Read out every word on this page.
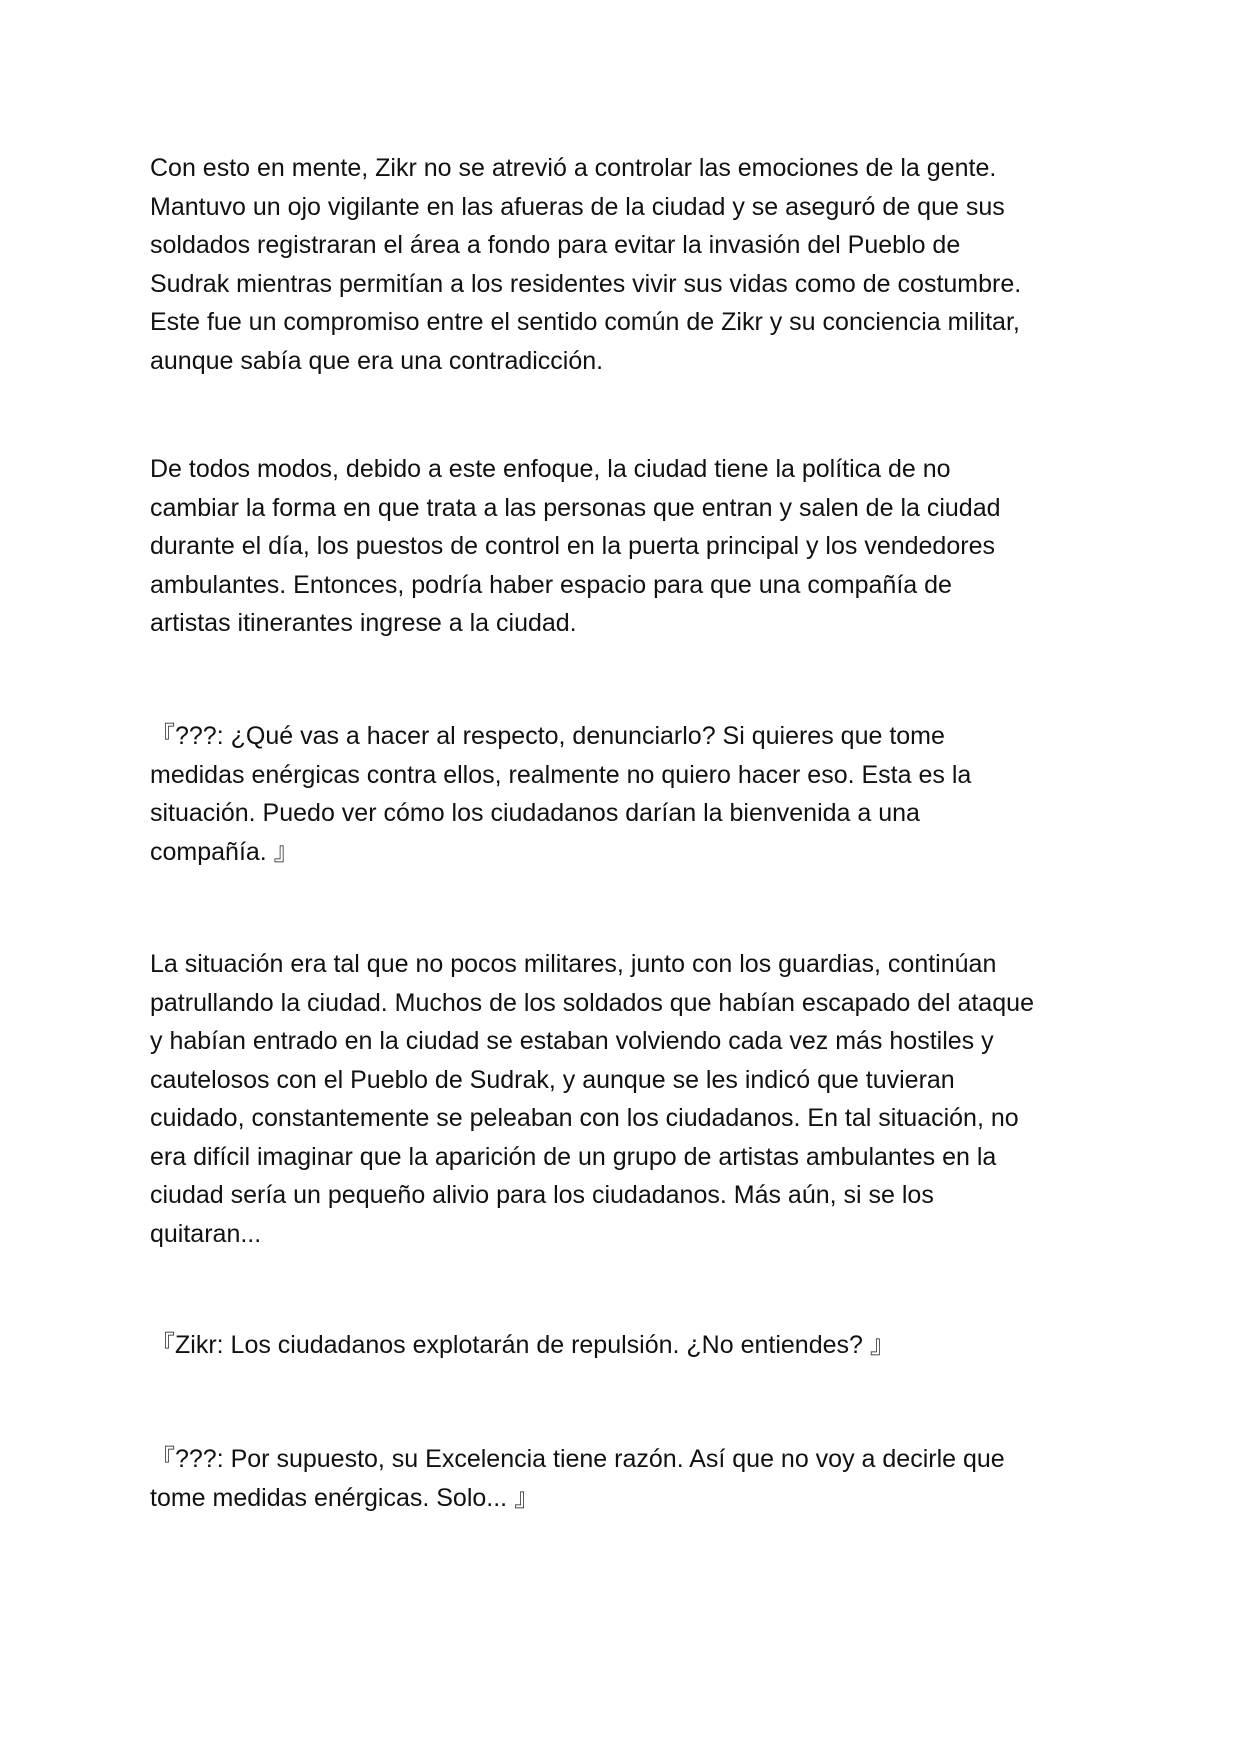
Con esto en mente, Zikr no se atrevió a controlar las emociones de la gente.
Mantuvo un ojo vigilante en las afueras de la ciudad y se aseguró de que sus
soldados registraran el área a fondo para evitar la invasión del Pueblo de
Sudrak mientras permitían a los residentes vivir sus vidas como de costumbre.
Este fue un compromiso entre el sentido común de Zikr y su conciencia militar,
aunque sabía que era una contradicción.

De todos modos, debido a este enfoque, la ciudad tiene la política de no
cambiar la forma en que trata a las personas que entran y salen de la ciudad
durante el día, los puestos de control en la puerta principal y los vendedores
ambulantes. Entonces, podría haber espacio para que una compañía de
artistas itinerantes ingrese a la ciudad.

『???: ¿Qué vas a hacer al respecto, denunciarlo? Si quieres que tome
medidas enérgicas contra ellos, realmente no quiero hacer eso. Esta es la
situación. Puedo ver cómo los ciudadanos darían la bienvenida a una
compañía. 』

La situación era tal que no pocos militares, junto con los guardias, continúan
patrullando la ciudad. Muchos de los soldados que habían escapado del ataque
y habían entrado en la ciudad se estaban volviendo cada vez más hostiles y
cautelosos con el Pueblo de Sudrak, y aunque se les indicó que tuvieran
cuidado, constantemente se peleaban con los ciudadanos. En tal situación, no
era difícil imaginar que la aparición de un grupo de artistas ambulantes en la
ciudad sería un pequeño alivio para los ciudadanos. Más aún, si se los
quitaran...

『Zikr: Los ciudadanos explotarán de repulsión. ¿No entiendes? 』

『???: Por supuesto, su Excelencia tiene razón. Así que no voy a decirle que
tome medidas enérgicas. Solo... 』
